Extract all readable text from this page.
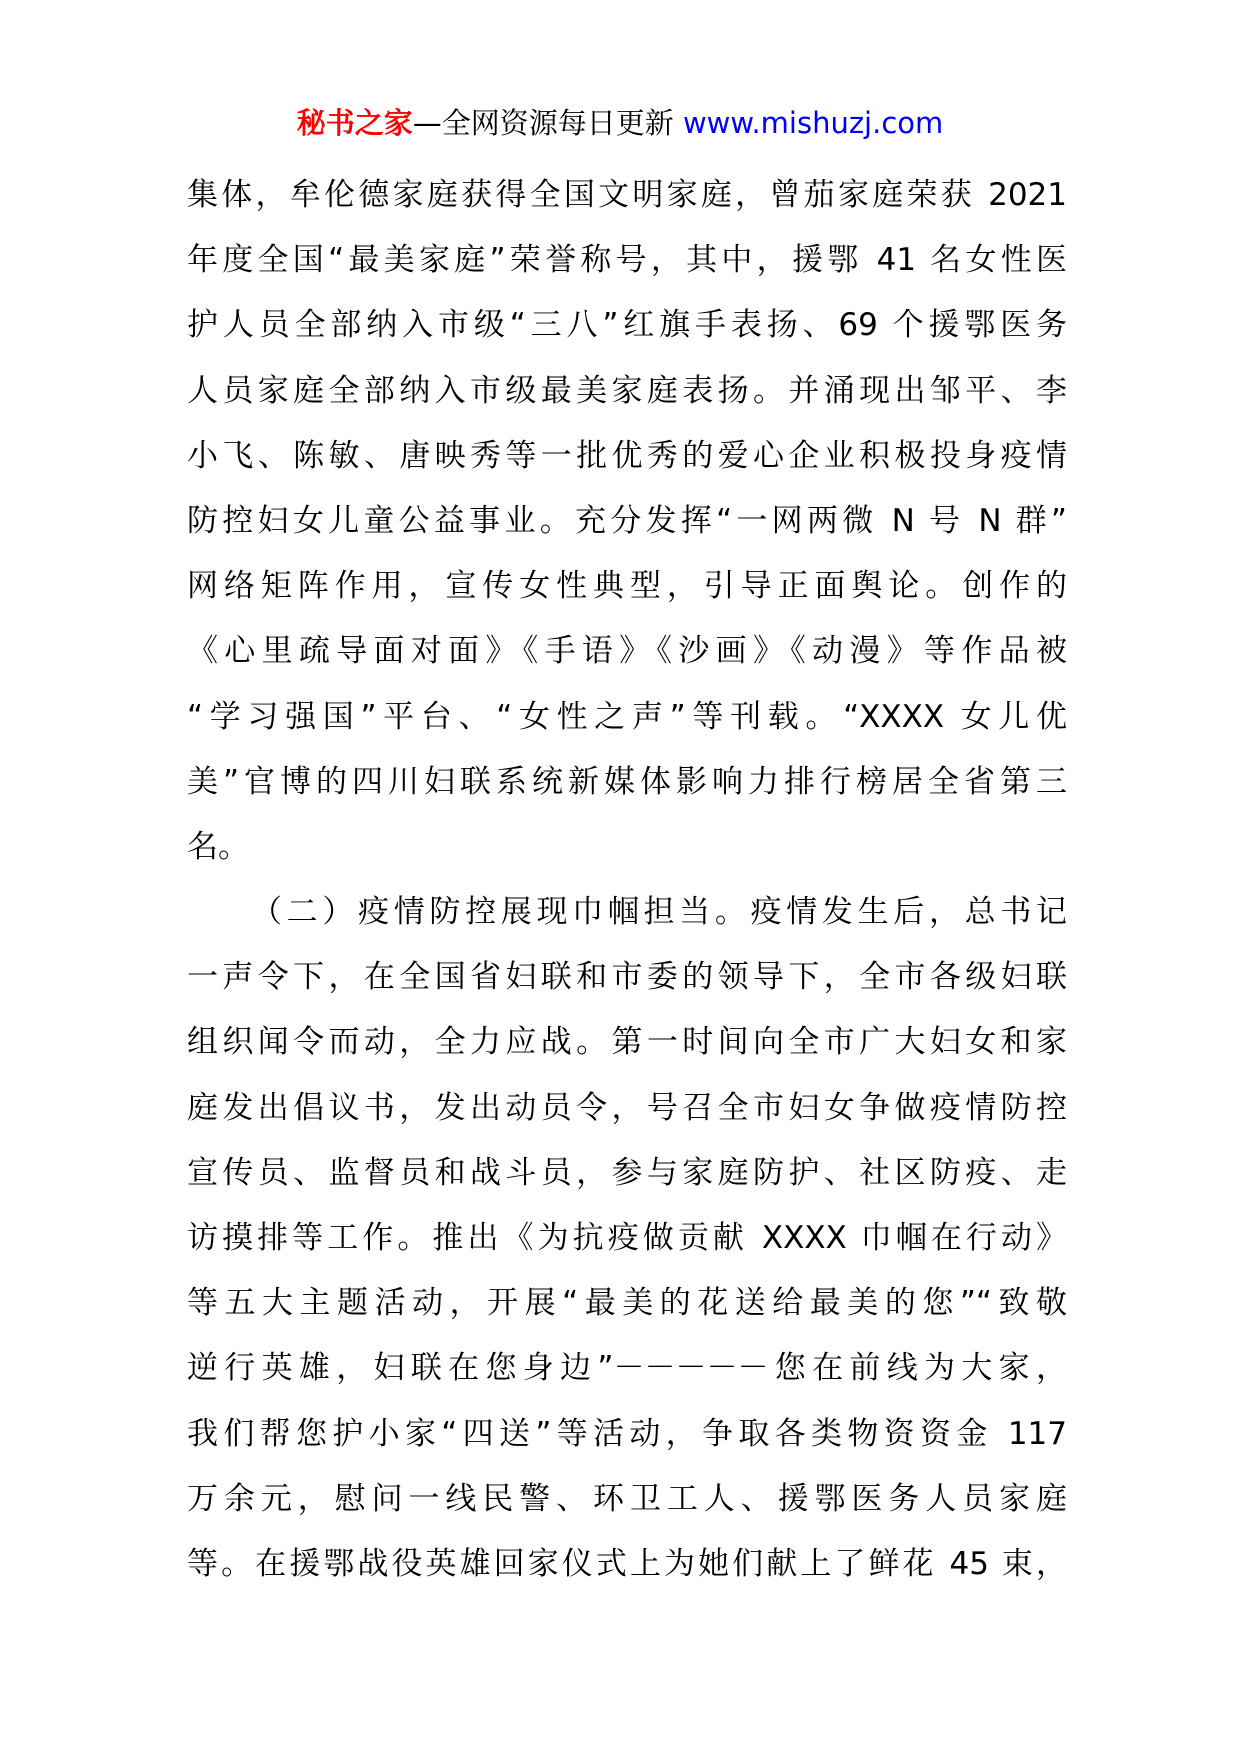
秘书之家—全网资源每日更新 www.mishuzj.com
集体，牟伦德家庭获得全国文明家庭，曾茄家庭荣获 2021
年度全国“最美家庭”荣誉称号，其中，援鄂 41 名女性医
护人员全部纳入市级“三八”红旗手表扬、69 个援鄂医务
人员家庭全部纳入市级最美家庭表扬。并涌现出邹平、李
小飞、陈敏、唐映秀等一批优秀的爱心企业积极投身疫情
防控妇女儿童公益事业。充分发挥“一网两微 N 号 N 群”
网络矩阵作用，宣传女性典型，引导正面舆论。创作的
《心里疏导面对面》《手语》《沙画》《动漫》等作品被
“学习强国”平台、“女性之声”等刊载。“XXXX 女儿优
美”官博的四川妇联系统新媒体影响力排行榜居全省第三
名。
（二）疫情防控展现巾帼担当。疫情发生后，总书记
一声令下，在全国省妇联和市委的领导下，全市各级妇联
组织闻令而动，全力应战。第一时间向全市广大妇女和家
庭发出倡议书，发出动员令，号召全市妇女争做疫情防控
宣传员、监督员和战斗员，参与家庭防护、社区防疫、走
访摸排等工作。推出《为抗疫做贡献 XXXX 巾帼在行动》
等五大主题活动，开展“最美的花送给最美的您”“致敬
逆行英雄，妇联在您身边”－－－－－您在前线为大家，
我们帮您护小家“四送”等活动，争取各类物资资金 117
万余元，慰问一线民警、环卫工人、援鄂医务人员家庭
等。在援鄂战役英雄回家仪式上为她们献上了鲜花 45 束，
